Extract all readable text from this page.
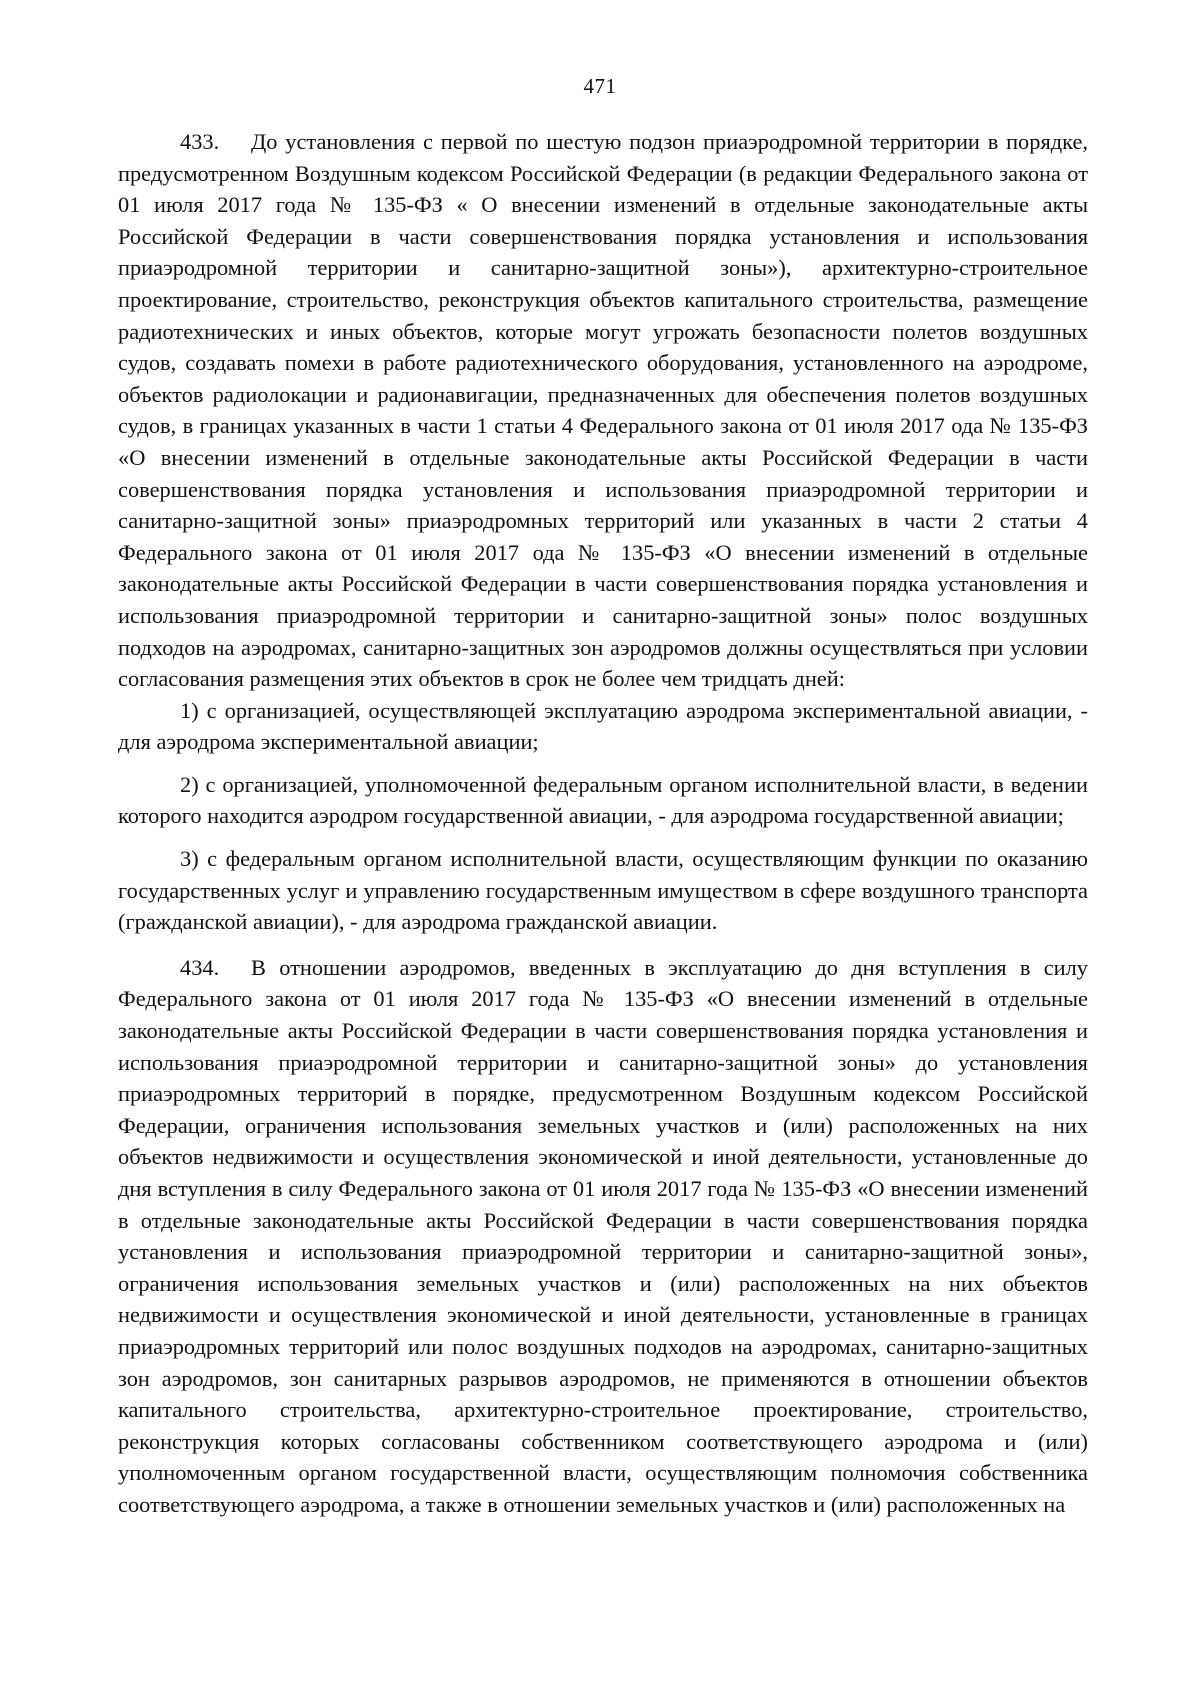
471

433. До установления с первой по шестую подзон приаэродромной территории в порядке, предусмотренном Воздушным кодексом Российской Федерации (в редакции Федерального закона от 01 июля 2017 года № 135-ФЗ « О внесении изменений в отдельные законодательные акты Российской Федерации в части совершенствования порядка установления и использования приаэродромной территории и санитарно-защитной зоны»), архитектурно-строительное проектирование, строительство, реконструкция объектов капитального строительства, размещение радиотехнических и иных объектов, которые могут угрожать безопасности полетов воздушных судов, создавать помехи в работе радиотехнического оборудования, установленного на аэродроме, объектов радиолокации и радионавигации, предназначенных для обеспечения полетов воздушных судов, в границах указанных в части 1 статьи 4 Федерального закона от 01 июля 2017 ода № 135-ФЗ «О внесении изменений в отдельные законодательные акты Российской Федерации в части совершенствования порядка установления и использования приаэродромной территории и санитарно-защитной зоны» приаэродромных территорий или указанных в части 2 статьи 4 Федерального закона от 01 июля 2017 ода № 135-ФЗ «О внесении изменений в отдельные законодательные акты Российской Федерации в части совершенствования порядка установления и использования приаэродромной территории и санитарно-защитной зоны» полос воздушных подходов на аэродромах, санитарно-защитных зон аэродромов должны осуществляться при условии согласования размещения этих объектов в срок не более чем тридцать дней:

1) с организацией, осуществляющей эксплуатацию аэродрома экспериментальной авиации, - для аэродрома экспериментальной авиации;

2) с организацией, уполномоченной федеральным органом исполнительной власти, в ведении которого находится аэродром государственной авиации, - для аэродрома государственной авиации;

3) с федеральным органом исполнительной власти, осуществляющим функции по оказанию государственных услуг и управлению государственным имуществом в сфере воздушного транспорта (гражданской авиации), - для аэродрома гражданской авиации.

434. В отношении аэродромов, введенных в эксплуатацию до дня вступления в силу Федерального закона от 01 июля 2017 года № 135-ФЗ «О внесении изменений в отдельные законодательные акты Российской Федерации в части совершенствования порядка установления и использования приаэродромной территории и санитарно-защитной зоны» до установления приаэродромных территорий в порядке, предусмотренном Воздушным кодексом Российской Федерации, ограничения использования земельных участков и (или) расположенных на них объектов недвижимости и осуществления экономической и иной деятельности, установленные до дня вступления в силу Федерального закона от 01 июля 2017 года № 135-ФЗ «О внесении изменений в отдельные законодательные акты Российской Федерации в части совершенствования порядка установления и использования приаэродромной территории и санитарно-защитной зоны», ограничения использования земельных участков и (или) расположенных на них объектов недвижимости и осуществления экономической и иной деятельности, установленные в границах приаэродромных территорий или полос воздушных подходов на аэродромах, санитарно-защитных зон аэродромов, зон санитарных разрывов аэродромов, не применяются в отношении объектов капитального строительства, архитектурно-строительное проектирование, строительство, реконструкция которых согласованы собственником соответствующего аэродрома и (или) уполномоченным органом государственной власти, осуществляющим полномочия собственника соответствующего аэродрома, а также в отношении земельных участков и (или) расположенных на
